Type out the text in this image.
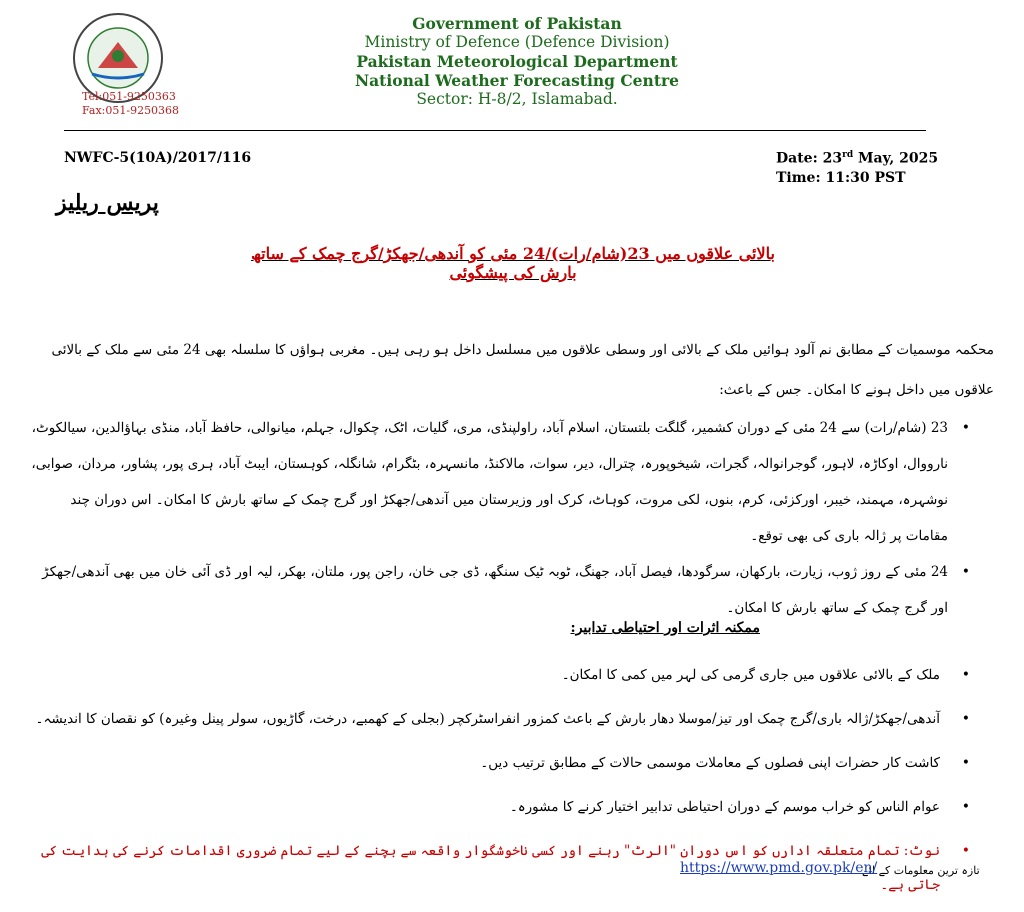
Tel:051-9250363
Fax:051-9250368
Government of Pakistan
Ministry of Defence (Defence Division)
Pakistan Meteorological Department
National Weather Forecasting Centre
Sector: H-8/2, Islamabad.
NWFC-5(10A)/2017/116	Date: 23rd May, 2025
Time: 11:30 PST
پریس ریلیز
بالائی علاقوں میں 23(شام/رات)/24 مئی کو آندھی/جھکڑ/گرج چمک کے ساتھ بارش کی پیشگوئی
محکمہ موسمیات کے مطابق نم آلود ہوائیں ملک کے بالائی اور وسطی علاقوں میں مسلسل داخل ہو رہی ہیں۔ مغربی ہواؤں کا سلسلہ بھی 24 مئی سے ملک کے بالائی علاقوں میں داخل ہونے کا امکان۔ جس کے باعث:
•
23 (شام/رات) سے 24 مئی کے دوران کشمیر، گلگت بلتستان، اسلام آباد، راولپنڈی، مری، گلیات، اٹک، چکوال، جہلم، میانوالی، حافظ آباد، منڈی بہاؤالدین، سیالکوٹ، نارووال، اوکاڑہ، لاہور، گوجرانوالہ، گجرات، شیخوپورہ، چترال، دیر، سوات، مالاکنڈ، مانسہرہ، بٹگرام، شانگلہ، کوہستان، ایبٹ آباد، ہری پور، پشاور، مردان، صوابی، نوشہرہ، مہمند، خیبر، اورکزئی، کرم، بنوں، لکی مروت، کوہاٹ، کرک اور وزیرستان میں آندھی/جھکڑ اور گرج چمک کے ساتھ بارش کا امکان۔ اس دوران چند مقامات پر ژالہ باری کی بھی توقع۔
•
24 مئی کے روز ژوب، زیارت، بارکھان، سرگودھا، فیصل آباد، جھنگ، ٹوبہ ٹیک سنگھ، ڈی جی خان، راجن پور، ملتان، بھکر، لیہ اور ڈی آئی خان میں بھی آندھی/جھکڑ اور گرج چمک کے ساتھ بارش کا امکان۔
ممکنہ اثرات اور احتیاطی تدابیر:
•
ملک کے بالائی علاقوں میں جاری گرمی کی لہر میں کمی کا امکان۔
•
آندھی/جھکڑ/ژالہ باری/گرج چمک اور تیز/موسلا دھار بارش کے باعث کمزور انفراسٹرکچر (بجلی کے کھمبے، درخت، گاڑیوں، سولر پینل وغیرہ) کو نقصان کا اندیشہ۔
•
کاشت کار حضرات اپنی فصلوں کے معاملات موسمی حالات کے مطابق ترتیب دیں۔
•
عوام الناس کو خراب موسم کے دوران احتیاطی تدابیر اختیار کرنے کا مشورہ۔
•
نوٹ: تمام متعلقہ ادارں کو اس دوران "الرٹ" رہنے اور کسی ناخوشگوار واقعہ سے بچنے کے لیے تمام ضروری اقدامات کرنے کی ہدایت کی جاتی ہے۔
تازہ ترین معلومات کے لئے
https://www.pmd.gov.pk/en/
